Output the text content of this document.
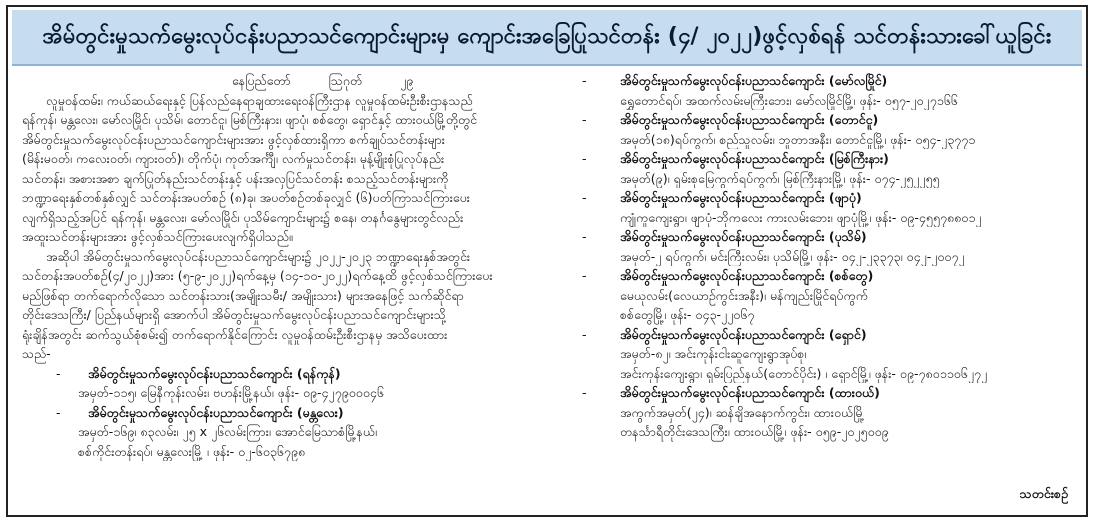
အိမ်တွင်းမှုသက်မွေးလုပ်ငန်းပညာသင်ကျောင်းများမှ ကျောင်းအခြေပြုသင်တန်း (၄/ ၂၀၂၂)ဖွင့်လှစ်ရန် သင်တန်းသားခေါ်ယူခြင်း
နေပြည်တော်	ဩဂုတ်	၂၉
လူမှုဝန်ထမ်း၊ ကယ်ဆယ်ရေးနှင့် ပြန်လည်နေရာချထားရေးဝန်ကြီးဌာန လူမှုဝန်ထမ်းဦးစီးဌာနသည်
ရန်ကုန်၊ မန္တလေး၊ မော်လမြိုင်၊ ပုသိမ်၊ တောင်ငူ၊ မြစ်ကြီးနား၊ ဖျာပုံ၊ စစ်တွေ၊ ရှောင်နှင့် ထားဝယ်မြို့တို့တွင်
အိမ်တွင်းမှုသက်မွေးလုပ်ငန်းပညာသင်ကျောင်းများအား ဖွင့်လှစ်ထားရှိကာ စက်ချုပ်သင်တန်းများ
(မိန်းမဝတ်၊ ကလေးဝတ်၊ ကျားဝတ်)၊ တိုက်ပုံ၊ ကုတ်အင်္ကျီ၊ လက်မှုသင်တန်း၊ မုန့်မျိုးစုံပြုလုပ်နည်း
သင်တန်း၊ အစားအစာ ချက်ပြုတ်နည်းသင်တန်းနှင့် ပန်းအလှပြင်သင်တန်း စသည့်သင်တန်းများကို
ဘဏ္ဍာရေးနှစ်တစ်နှစ်လျှင် သင်တန်းအပတ်စဉ် (၈)ခု၊ အပတ်စဉ်တစ်ခုလျှင် (၆)ပတ်ကြာသင်ကြားပေး
လျက်ရှိသည့်အပြင် ရန်ကုန်၊ မန္တလေး၊ မော်လမြိုင်၊ ပုသိမ်ကျောင်းများ၌ စနေ၊ တနင်္ဂနွေများတွင်လည်း
အထူးသင်တန်းများအား ဖွင့်လှစ်သင်ကြားပေးလျက်ရှိပါသည်။
အဆိုပါ အိမ်တွင်းမှုသက်မွေးလုပ်ငန်းပညာသင်ကျောင်းများ၌ ၂၀၂၂-၂၀၂၃ ဘဏ္ဍာရေးနှစ်အတွင်း
သင်တန်းအပတ်စဉ်(၄/၂၀၂၂)အား (၅-၉-၂၀၂၂)ရက်နေ့မှ (၁၄-၁၀-၂၀၂၂)ရက်နေ့ထိ ဖွင့်လှစ်သင်ကြားပေး
မည်ဖြစ်ရာ တက်ရောက်လိုသော သင်တန်းသား(အမျိုးသမီး/ အမျိုးသား) များအနေဖြင့် သက်ဆိုင်ရာ
တိုင်းဒေသကြီး/ ပြည်နယ်များရှိ အောက်ပါ အိမ်တွင်းမှုသက်မွေးလုပ်ငန်းပညာသင်ကျောင်းများသို့
ရုံးချိန်အတွင်း ဆက်သွယ်စုံစမ်း၍ တက်ရောက်နိုင်ကြောင်း လူမှုဝန်ထမ်းဦးစီးဌာနမှ အသိပေးထား
သည်-
-	အိမ်တွင်းမှုသက်မွေးလုပ်ငန်းပညာသင်ကျောင်း (ရန်ကုန်)
အမှတ်-၁၁၅၊ မြေနီကုန်းလမ်း၊ ဗဟန်းမြို့နယ်၊ ဖုန်း- ၀၉-၄၂၇၉၀၀၀၄၆
-	အိမ်တွင်းမှုသက်မွေးလုပ်ငန်းပညာသင်ကျောင်း (မန္တလေး)
အမှတ်-၁၆၉၊ ၈၃လမ်း၊ ၂၅ x ၂၆လမ်းကြား၊ အောင်မြေသာစံမြို့နယ်၊
စစ်ကိုင်းတန်းရပ်၊ မန္တလေးမြို့ ၊ ဖုန်း- ၀၂-၆၀၃၆၇၉၈
-	အိမ်တွင်းမှုသက်မွေးလုပ်ငန်းပညာသင်ကျောင်း (မော်လမြိုင်)
ရွှေတောင်ရပ်၊ အထက်လမ်းမကြီးဘေး၊ မော်လမြိုင်မြို့၊ ဖုန်း- ၀၅၇-၂၀၂၇၁၆၆
-	အိမ်တွင်းမှုသက်မွေးလုပ်ငန်းပညာသင်ကျောင်း (တောင်ငူ)
အမှတ်(၁၈)ရပ်ကွက်၊ စည်သူလမ်း၊ ဘူတာအနီး၊ တောင်ငူမြို့၊ ဖုန်း- ၀၅၄-၂၃၇၇၁
-	အိမ်တွင်းမှုသက်မွေးလုပ်ငန်းပညာသင်ကျောင်း (မြစ်ကြီးနား)
အမှတ်(၉)၊ ရှမ်းစုမြေကွက်ရပ်ကွက်၊ မြစ်ကြီးနားမြို့၊ ဖုန်း- ၀၇၄-၂၅၂၂၅၅
-	အိမ်တွင်းမှုသက်မွေးလုပ်ငန်းပညာသင်ကျောင်း (ဖျာပုံ)
ကျုံကူကျေးရွာ၊ ဖျာပုံ-ဘိုကလေး ကားလမ်းဘေး၊ ဖျာပုံမြို့၊ ဖုန်း- ၀၉-၄၅၅၇၈၈၀၁၂
-	အိမ်တွင်းမှုသက်မွေးလုပ်ငန်းပညာသင်ကျောင်း (ပုသိမ်)
အမှတ်-၂ ရပ်ကွက်၊ မင်းကြီးလမ်း၊ ပုသိမ်မြို့၊ ဖုန်း- ၀၄၂-၂၃၃၇၃၊ ၀၄၂-၂၀၀၇၂
-	အိမ်တွင်းမှုသက်မွေးလုပ်ငန်းပညာသင်ကျောင်း (စစ်တွေ)
မေယုလမ်း(လေယာဉ်ကွင်းအနီး)၊ မန်ကျည်းမြိုင်ရပ်ကွက်
စစ်တွေမြို့၊ ဖုန်း- ၀၄၃-၂၂၀၆၇
-	အိမ်တွင်းမှုသက်မွေးလုပ်ငန်းပညာသင်ကျောင်း (ရှောင်)
အမှတ်-၈၂၊ အင်းကုန်းငါးဆူကျေးရွာအုပ်စု၊
အင်းကုန်းကျေးရွာ၊ ရှမ်းပြည်နယ်(တောင်ပိုင်း) ၊ ရှောင်မြို့၊ ဖုန်း- ၀၉-၇၈၀၁၁၀၆၂၇၂
-	အိမ်တွင်းမှုသက်မွေးလုပ်ငန်းပညာသင်ကျောင်း (ထားဝယ်)
အကွက်အမှတ်(၂၄)၊ ဆန်ချိအနောက်ကွင်း၊ ထားဝယ်မြို့
တနင်္သာရီတိုင်းဒေသကြီး၊ ထားဝယ်မြို့၊ ဖုန်း- ၀၅၉-၂၀၂၅၀၀၉
သတင်းစဉ်
